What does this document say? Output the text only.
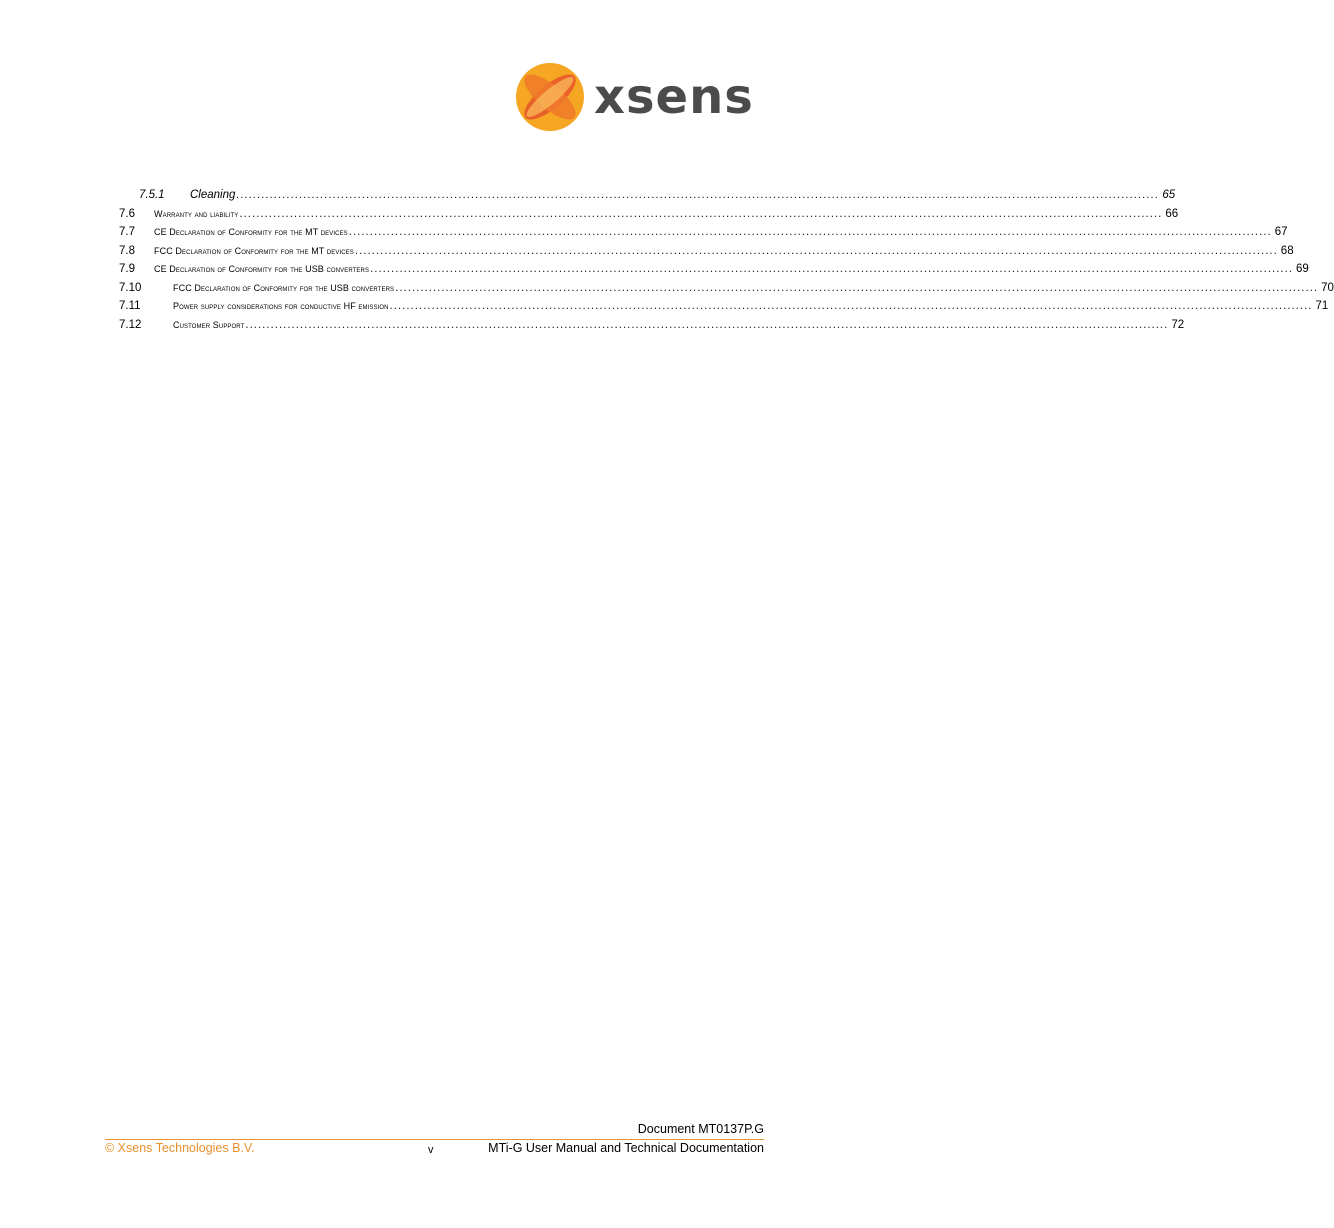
xsens
7.5.1 Cleaning ............................................................................................................................................................................................................................ 65
7.6 Warranty and liability ............................................................................................................................................................................................................................ 66
7.7 CE Declaration of Conformity for the MT devices ............................................................................................................................................................................................................................ 67
7.8 FCC Declaration of Conformity for the MT devices ............................................................................................................................................................................................................................ 68
7.9 CE Declaration of Conformity for the USB converters ............................................................................................................................................................................................................................ 69
7.10	FCC Declaration of Conformity for the USB converters ............................................................................................................................................................................................................................ 70
7.11	Power supply considerations for conductive HF emission ............................................................................................................................................................................................................................ 71
7.12	Customer Support ............................................................................................................................................................................................................................ 72
Document MT0137P.G
© Xsens Technologies B.V.	v	MTi-G User Manual and Technical Documentation
